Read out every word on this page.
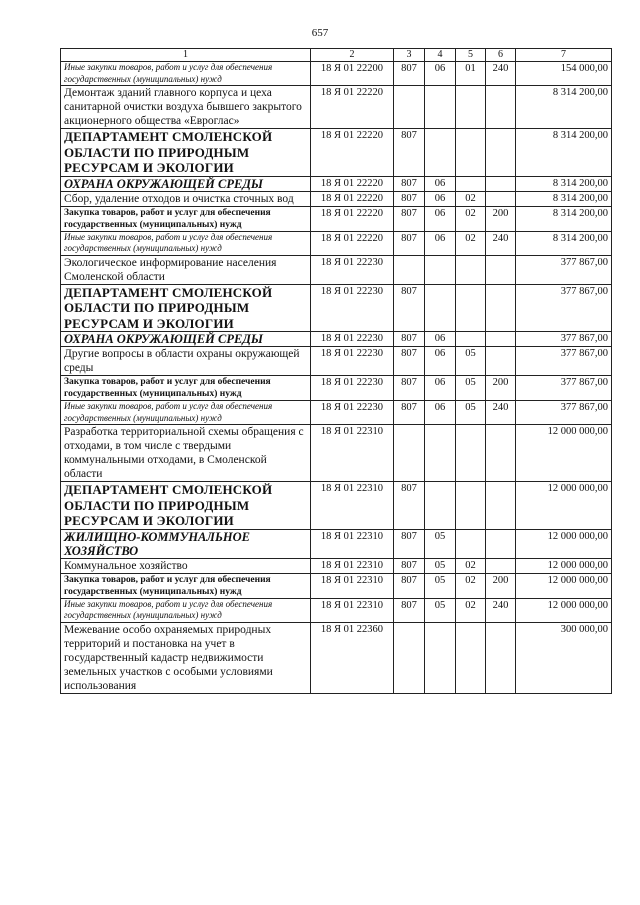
657
1	2	3	4	5	6	7
Иные закупки товаров, работ и услуг для обеспечения государственных (муниципальных) нужд	18 Я 01 22200	807	06	01	240	154 000,00
Демонтаж зданий главного корпуса и цеха санитарной очистки воздуха бывшего закрытого акционерного общества «Евроглас»	18 Я 01 22220					8 314 200,00
ДЕПАРТАМЕНТ СМОЛЕНСКОЙ ОБЛАСТИ ПО ПРИРОДНЫМ РЕСУРСАМ И ЭКОЛОГИИ	18 Я 01 22220	807				8 314 200,00
ОХРАНА ОКРУЖАЮЩЕЙ СРЕДЫ	18 Я 01 22220	807	06			8 314 200,00
Сбор, удаление отходов и очистка сточных вод	18 Я 01 22220	807	06	02		8 314 200,00
Закупка товаров, работ и услуг для обеспечения государственных (муниципальных) нужд	18 Я 01 22220	807	06	02	200	8 314 200,00
Иные закупки товаров, работ и услуг для обеспечения государственных (муниципальных) нужд	18 Я 01 22220	807	06	02	240	8 314 200,00
Экологическое информирование населения Смоленской области	18 Я 01 22230					377 867,00
ДЕПАРТАМЕНТ СМОЛЕНСКОЙ ОБЛАСТИ ПО ПРИРОДНЫМ РЕСУРСАМ И ЭКОЛОГИИ	18 Я 01 22230	807				377 867,00
ОХРАНА ОКРУЖАЮЩЕЙ СРЕДЫ	18 Я 01 22230	807	06			377 867,00
Другие вопросы в области охраны окружающей среды	18 Я 01 22230	807	06	05		377 867,00
Закупка товаров, работ и услуг для обеспечения государственных (муниципальных) нужд	18 Я 01 22230	807	06	05	200	377 867,00
Иные закупки товаров, работ и услуг для обеспечения государственных (муниципальных) нужд	18 Я 01 22230	807	06	05	240	377 867,00
Разработка территориальной схемы обращения с отходами, в том числе с твердыми коммунальными отходами, в Смоленской области	18 Я 01 22310					12 000 000,00
ДЕПАРТАМЕНТ СМОЛЕНСКОЙ ОБЛАСТИ ПО ПРИРОДНЫМ РЕСУРСАМ И ЭКОЛОГИИ	18 Я 01 22310	807				12 000 000,00
ЖИЛИЩНО-КОММУНАЛЬНОЕ ХОЗЯЙСТВО	18 Я 01 22310	807	05			12 000 000,00
Коммунальное хозяйство	18 Я 01 22310	807	05	02		12 000 000,00
Закупка товаров, работ и услуг для обеспечения государственных (муниципальных) нужд	18 Я 01 22310	807	05	02	200	12 000 000,00
Иные закупки товаров, работ и услуг для обеспечения государственных (муниципальных) нужд	18 Я 01 22310	807	05	02	240	12 000 000,00
Межевание особо охраняемых природных территорий и постановка на учет в государственный кадастр недвижимости земельных участков с особыми условиями использования	18 Я 01 22360					300 000,00
